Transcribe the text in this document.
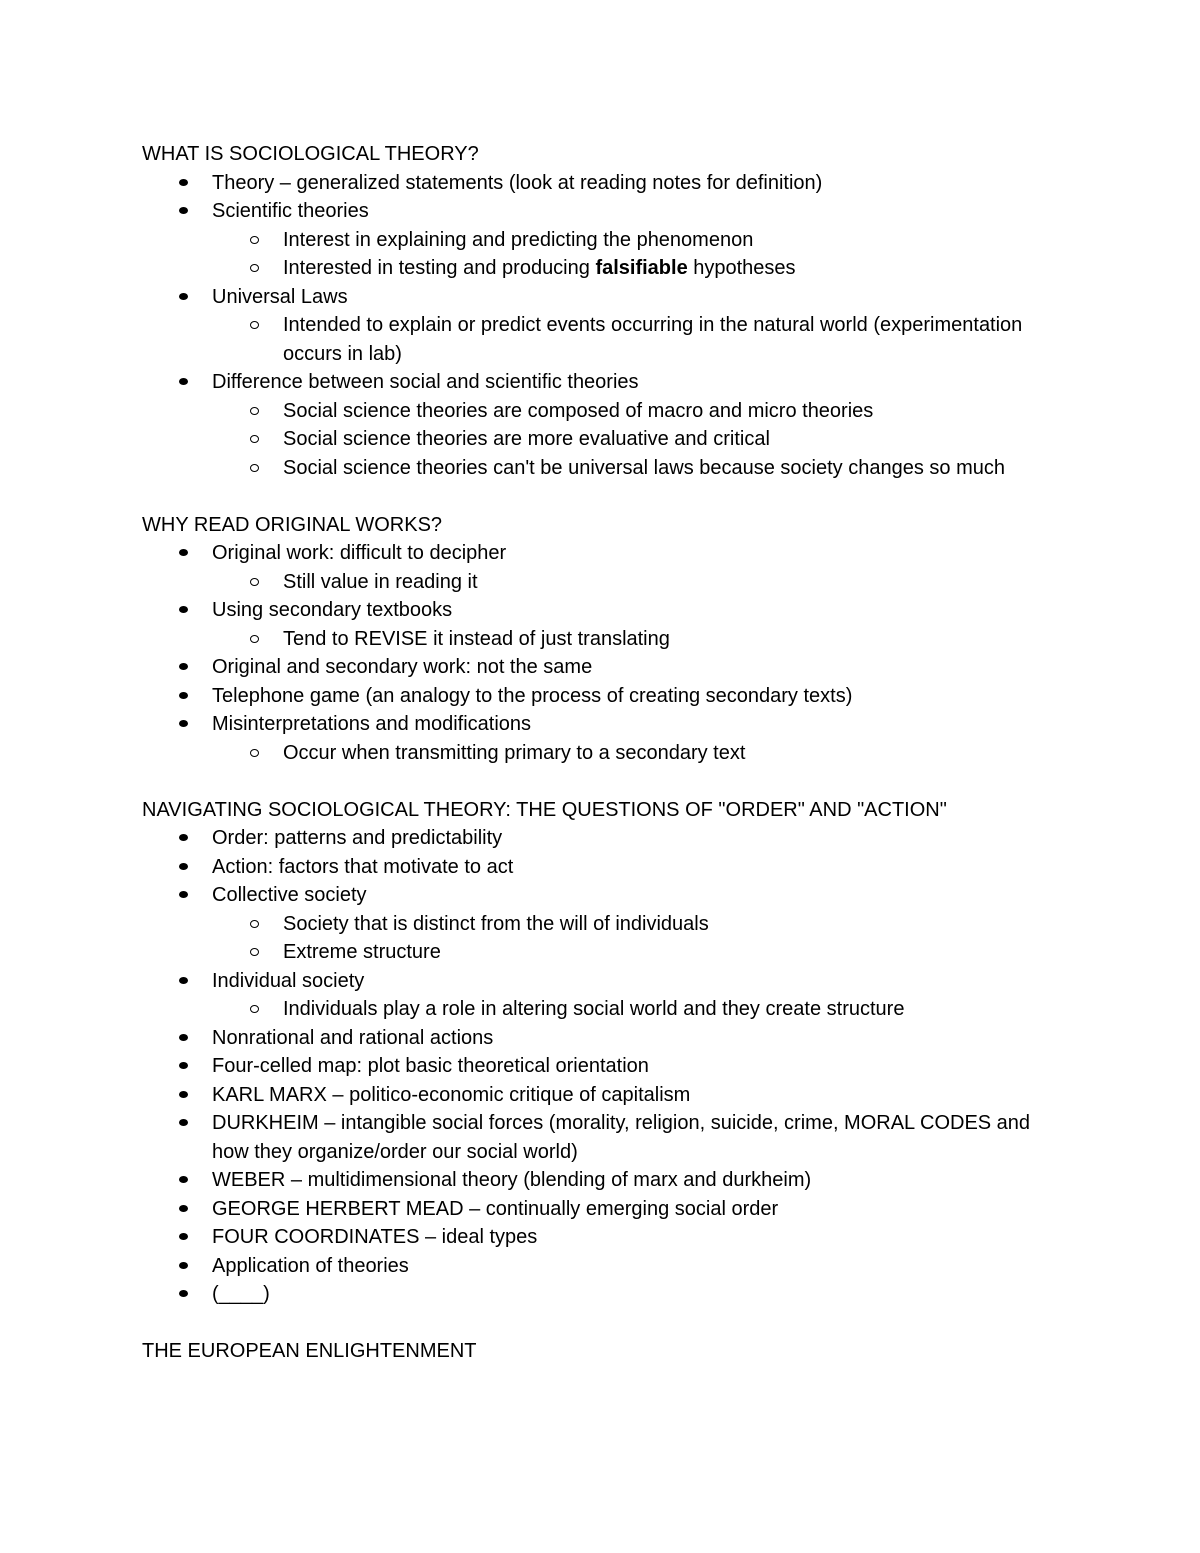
WHAT IS SOCIOLOGICAL THEORY?
Theory – generalized statements (look at reading notes for definition)
Scientific theories
Interest in explaining and predicting the phenomenon
Interested in testing and producing falsifiable hypotheses
Universal Laws
Intended to explain or predict events occurring in the natural world (experimentation occurs in lab)
Difference between social and scientific theories
Social science theories are composed of macro and micro theories
Social science theories are more evaluative and critical
Social science theories can't be universal laws because society changes so much
WHY READ ORIGINAL WORKS?
Original work: difficult to decipher
Still value in reading it
Using secondary textbooks
Tend to REVISE it instead of just translating
Original and secondary work: not the same
Telephone game (an analogy to the process of creating secondary texts)
Misinterpretations and modifications
Occur when transmitting primary to a secondary text
NAVIGATING SOCIOLOGICAL THEORY: THE QUESTIONS OF "ORDER" AND "ACTION"
Order: patterns and predictability
Action: factors that motivate to act
Collective society
Society that is distinct from the will of individuals
Extreme structure
Individual society
Individuals play a role in altering social world and they create structure
Nonrational and rational actions
Four-celled map: plot basic theoretical orientation
KARL MARX – politico-economic critique of capitalism
DURKHEIM – intangible social forces (morality, religion, suicide, crime, MORAL CODES and how they organize/order our social world)
WEBER – multidimensional theory (blending of marx and durkheim)
GEORGE HERBERT MEAD – continually emerging social order
FOUR COORDINATES – ideal types
Application of theories
(____)
THE EUROPEAN ENLIGHTENMENT
